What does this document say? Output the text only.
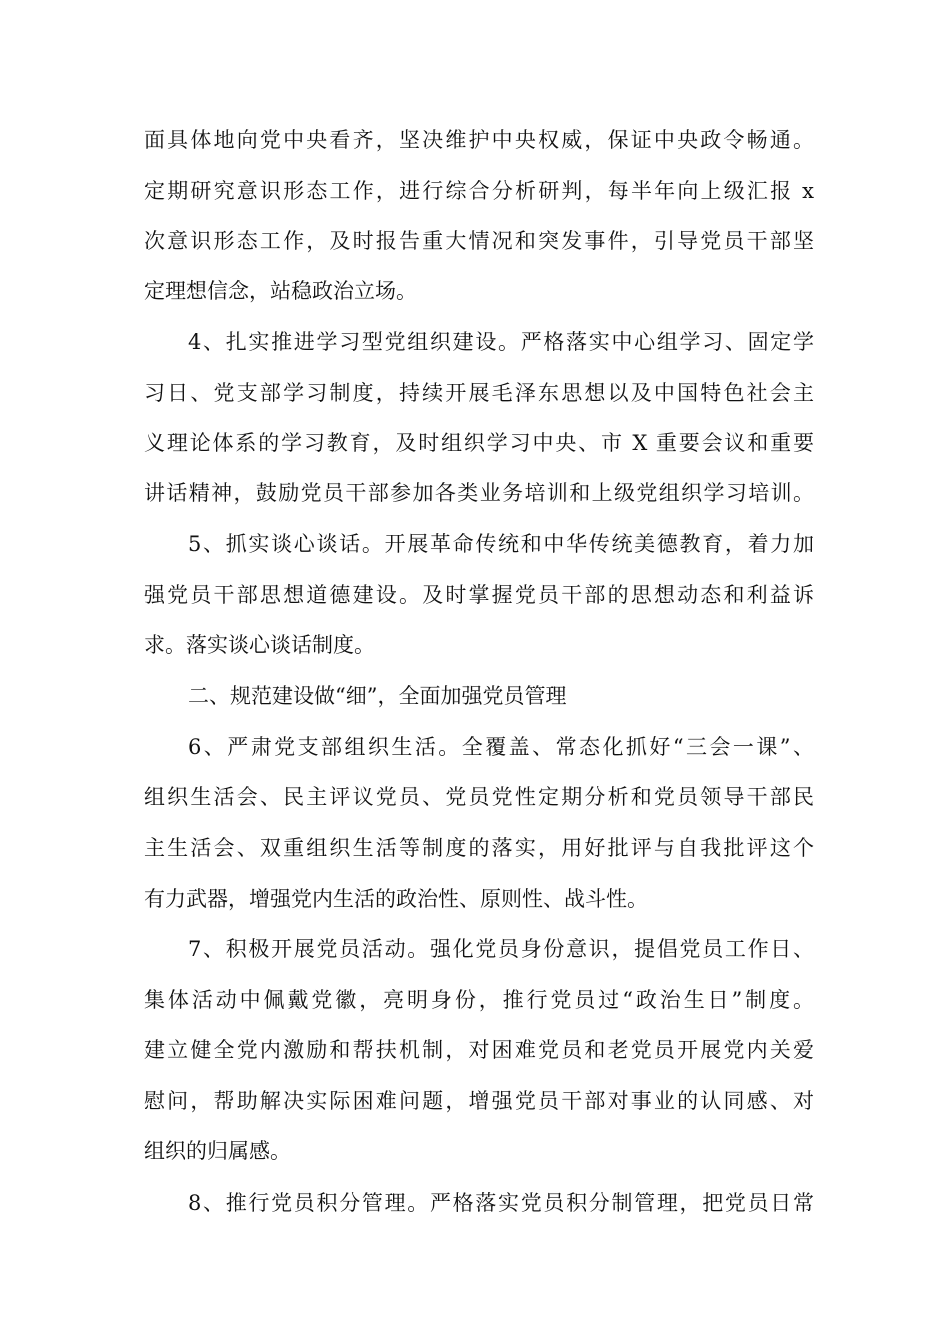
面具体地向党中央看齐，坚决维护中央权威，保证中央政令畅通。
定期研究意识形态工作，进行综合分析研判，每半年向上级汇报 x
次意识形态工作，及时报告重大情况和突发事件，引导党员干部坚
定理想信念，站稳政治立场。
4、扎实推进学习型党组织建设。严格落实中心组学习、固定学
习日、党支部学习制度，持续开展毛泽东思想以及中国特色社会主
义理论体系的学习教育，及时组织学习中央、市 X 重要会议和重要
讲话精神，鼓励党员干部参加各类业务培训和上级党组织学习培训。
5、抓实谈心谈话。开展革命传统和中华传统美德教育，着力加
强党员干部思想道德建设。及时掌握党员干部的思想动态和利益诉
求。落实谈心谈话制度。
二、规范建设做“细”，全面加强党员管理
6、严肃党支部组织生活。全覆盖、常态化抓好“三会一课”、
组织生活会、民主评议党员、党员党性定期分析和党员领导干部民
主生活会、双重组织生活等制度的落实，用好批评与自我批评这个
有力武器，增强党内生活的政治性、原则性、战斗性。
7、积极开展党员活动。强化党员身份意识，提倡党员工作日、
集体活动中佩戴党徽，亮明身份，推行党员过“政治生日”制度。
建立健全党内激励和帮扶机制，对困难党员和老党员开展党内关爱
慰问，帮助解决实际困难问题，增强党员干部对事业的认同感、对
组织的归属感。
8、推行党员积分管理。严格落实党员积分制管理，把党员日常
